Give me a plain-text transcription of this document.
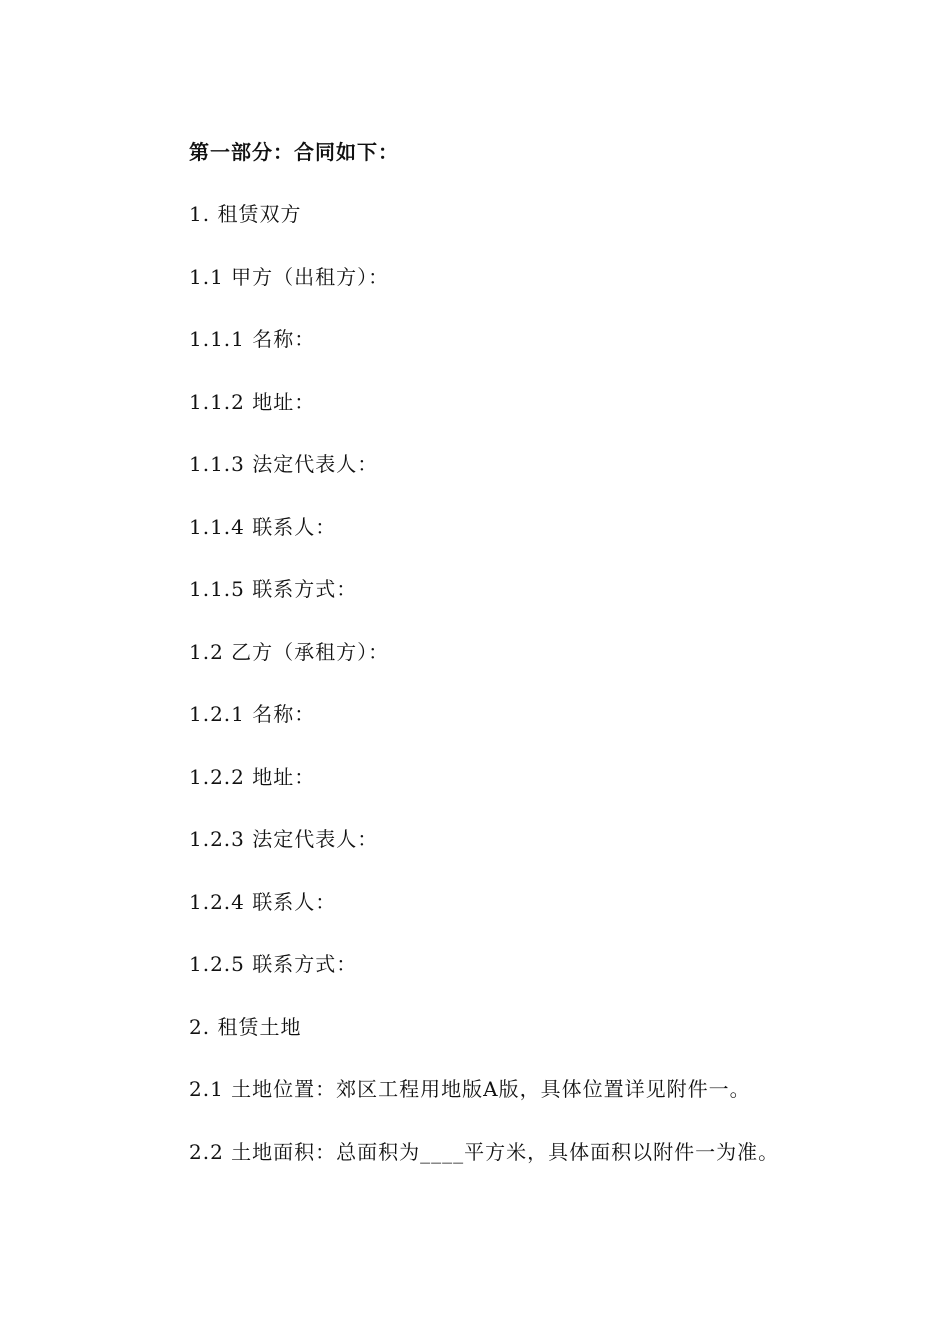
第一部分：合同如下：
1. 租赁双方
1.1 甲方（出租方）：
1.1.1 名称：
1.1.2 地址：
1.1.3 法定代表人：
1.1.4 联系人：
1.1.5 联系方式：
1.2 乙方（承租方）：
1.2.1 名称：
1.2.2 地址：
1.2.3 法定代表人：
1.2.4 联系人：
1.2.5 联系方式：
2. 租赁土地
2.1 土地位置：郊区工程用地版A版，具体位置详见附件一。
2.2 土地面积：总面积为____平方米，具体面积以附件一为准。
